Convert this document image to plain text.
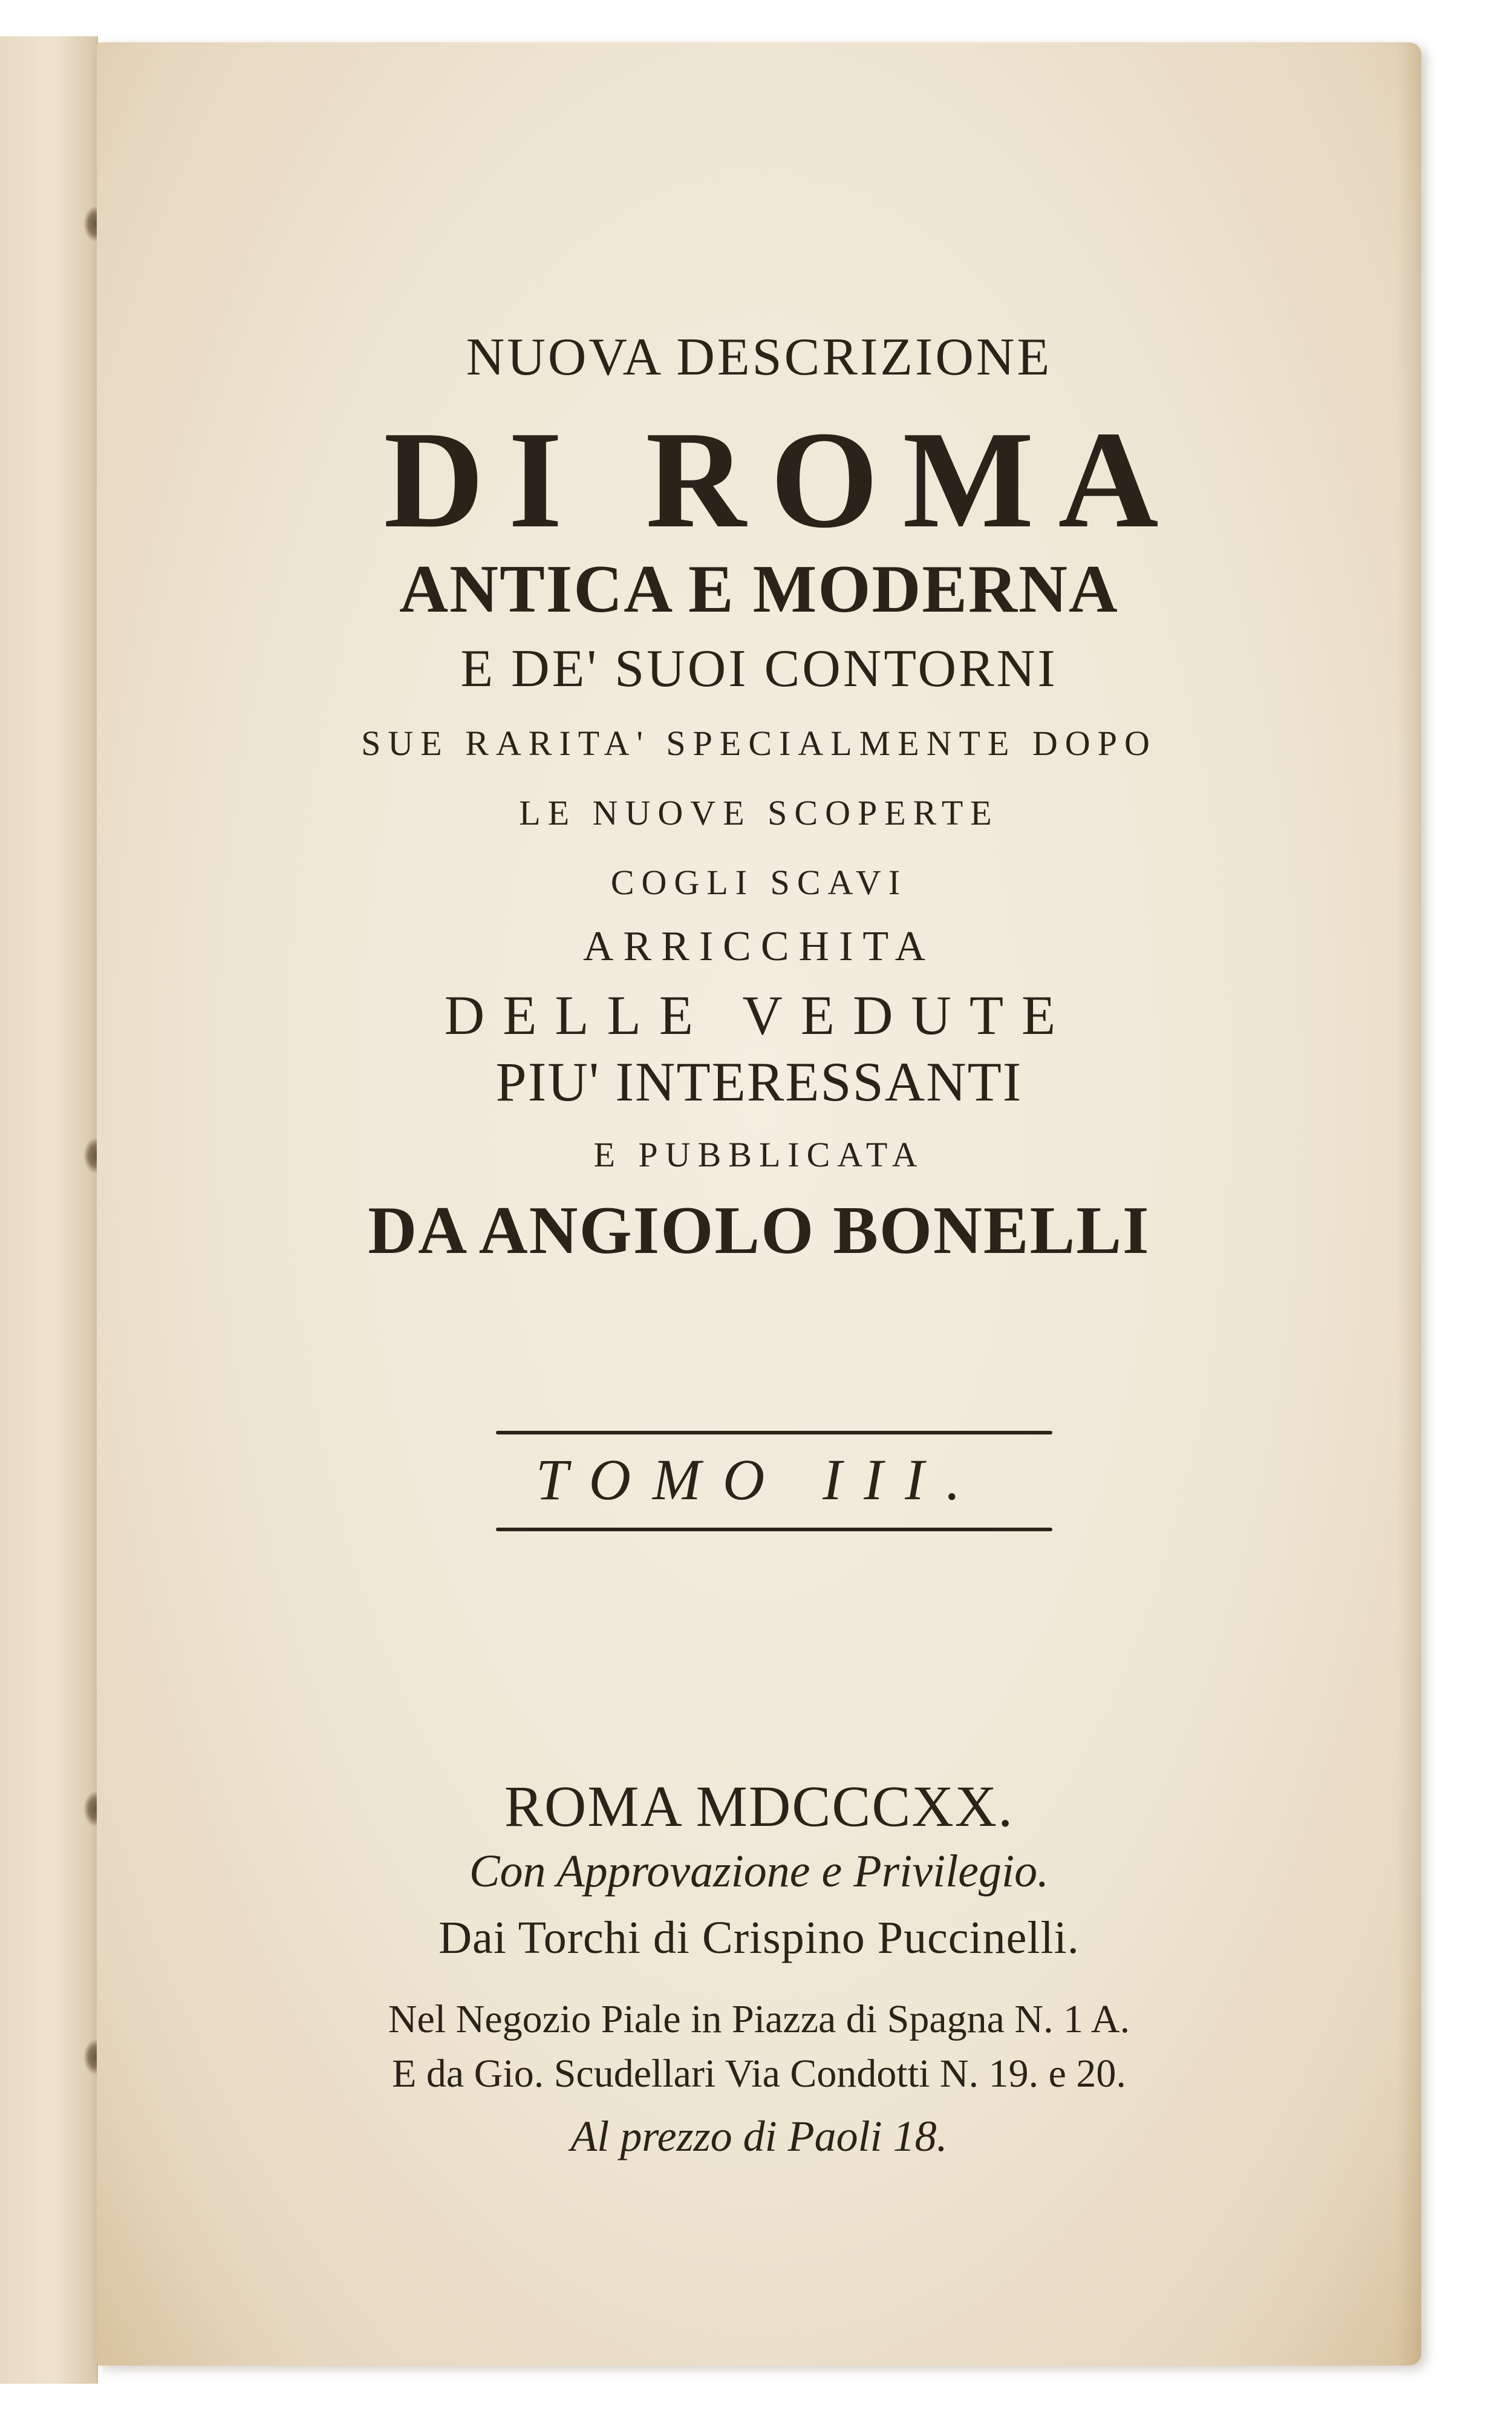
NUOVA DESCRIZIONE
DI ROMA
ANTICA E MODERNA
E DE' SUOI CONTORNI
SUE RARITA' SPECIALMENTE DOPO
LE NUOVE SCOPERTE
COGLI SCAVI
ARRICCHITA
DELLE VEDUTE
PIU' INTERESSANTI
E PUBBLICATA
DA ANGIOLO BONELLI
TOMO III.
ROMA MDCCCXX.
Con Approvazione e Privilegio.
Dai Torchi di Crispino Puccinelli.
Nel Negozio Piale in Piazza di Spagna N. 1 A.
E da Gio. Scudellari Via Condotti N. 19. e 20.
Al prezzo di Paoli 18.
